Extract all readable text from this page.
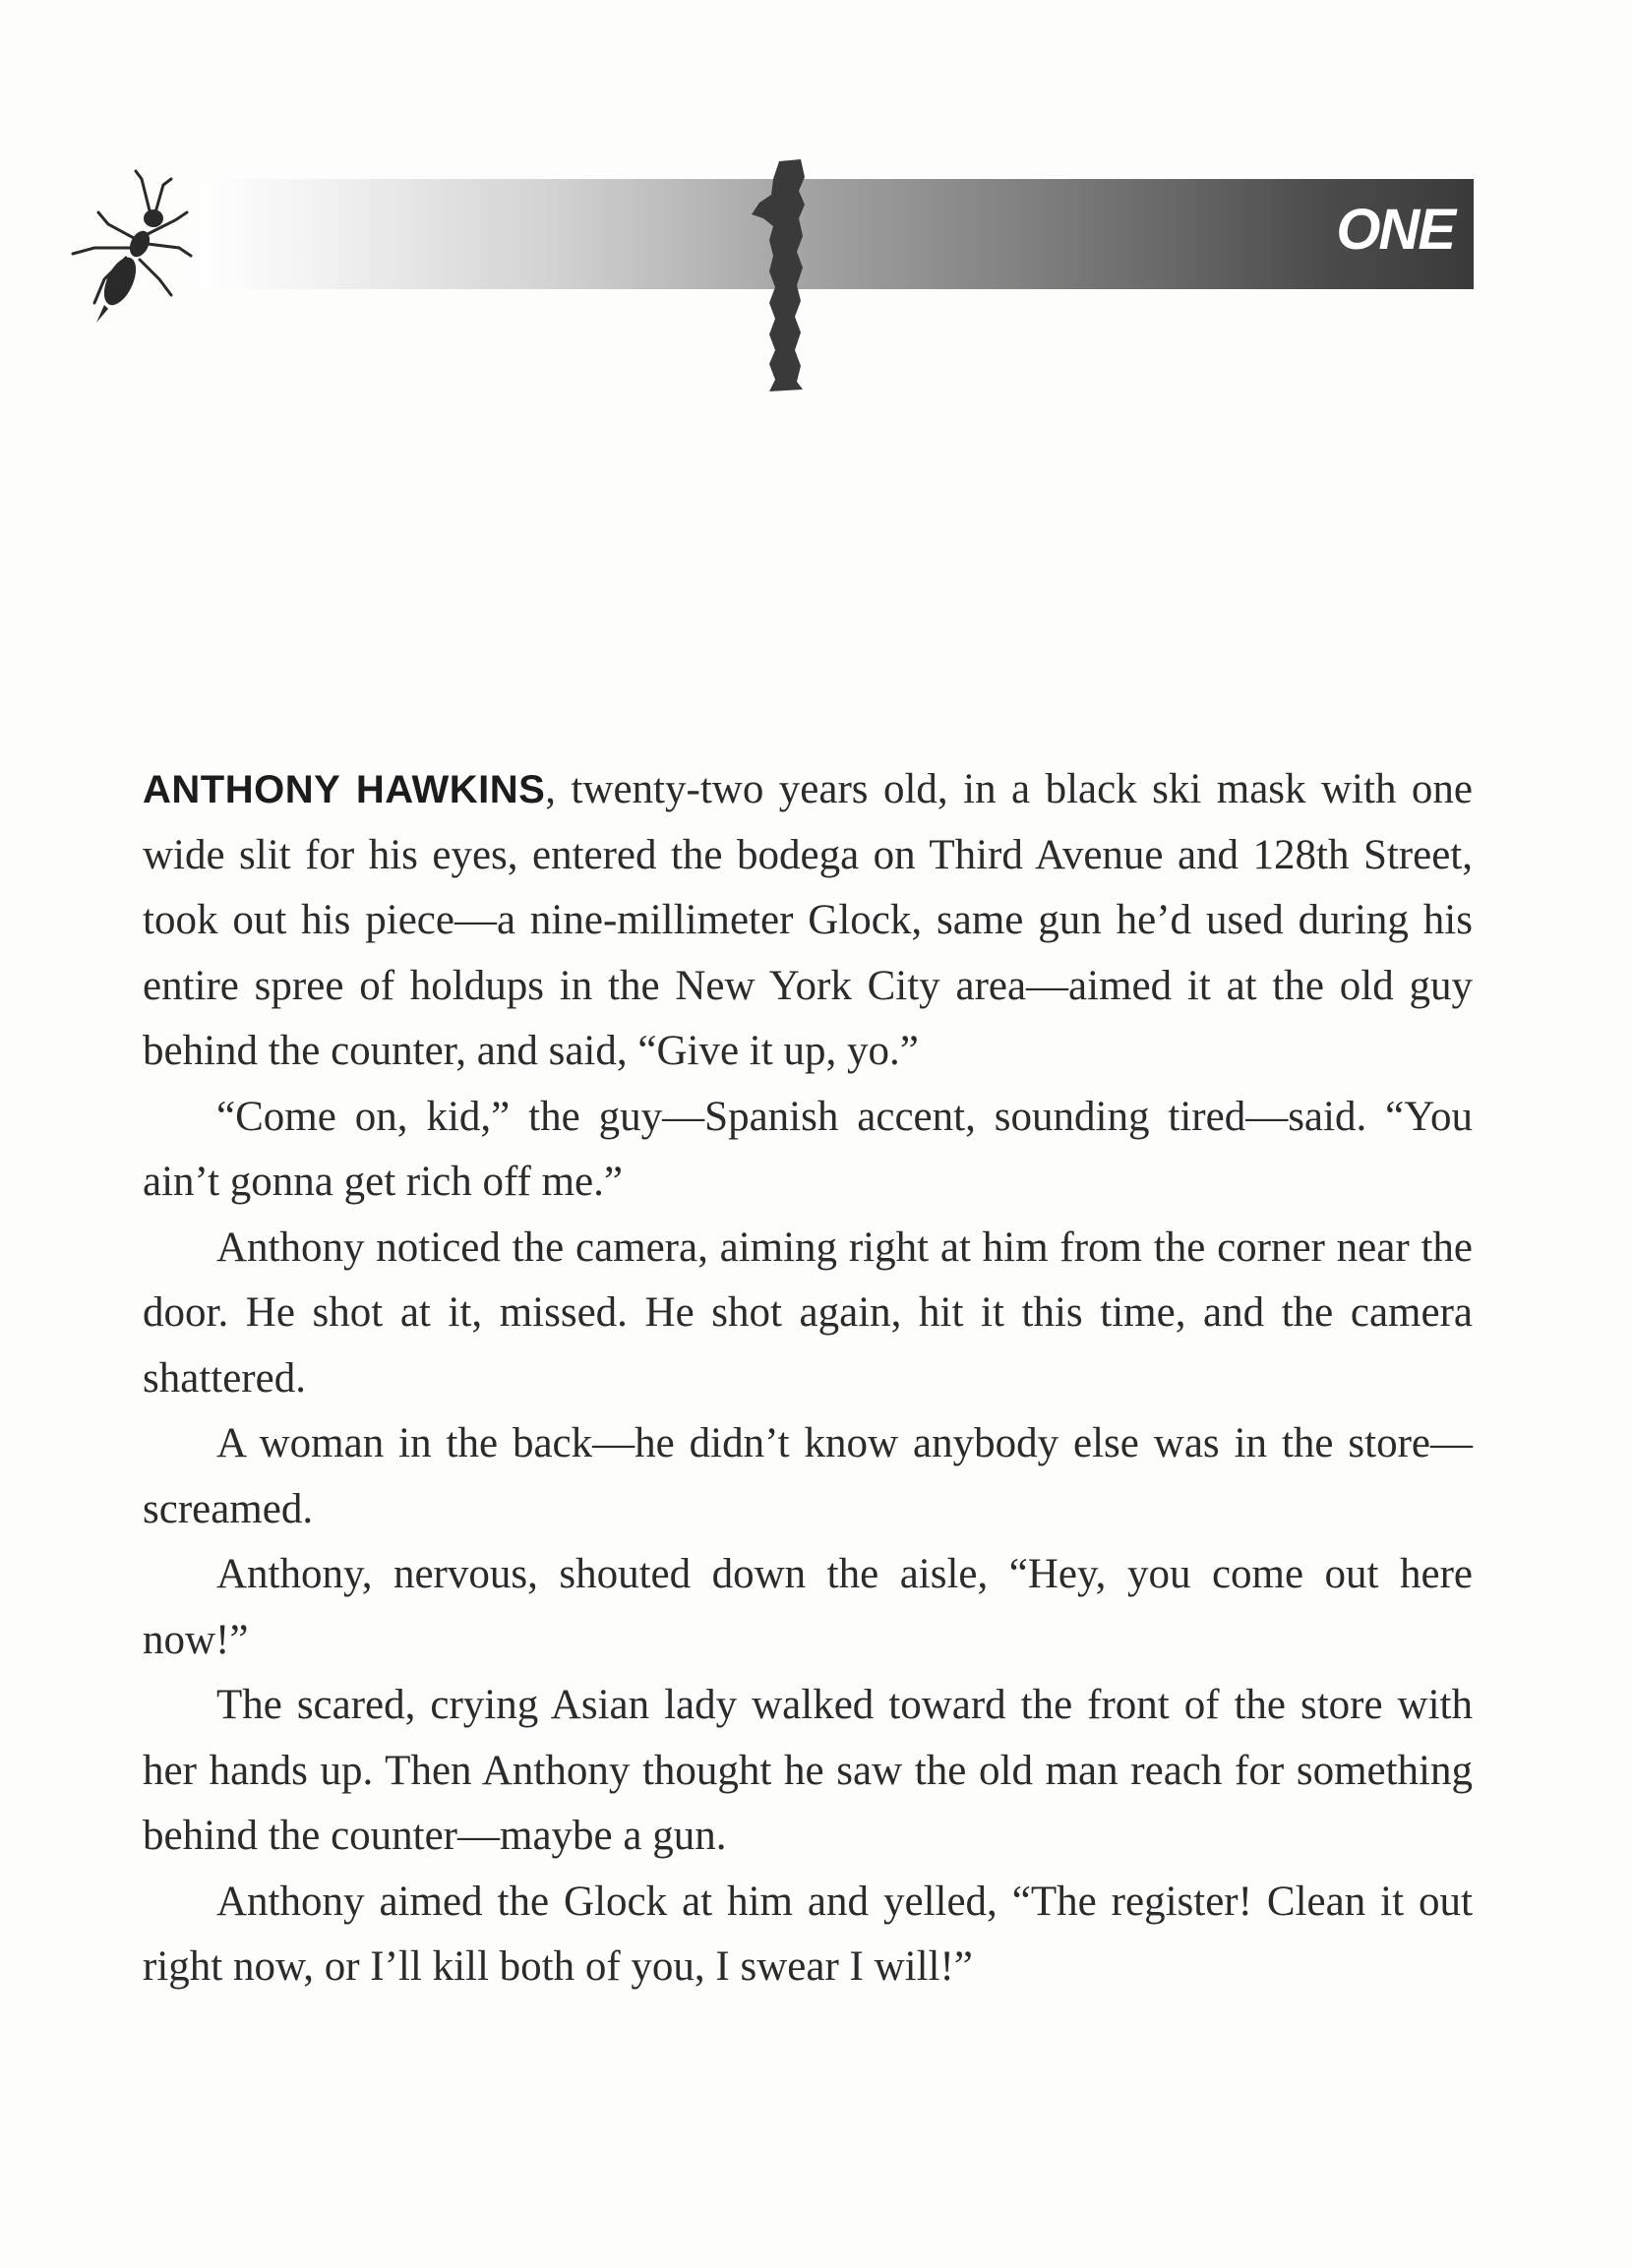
ONE

ANTHONY HAWKINS, twenty-two years old, in a black ski mask with one wide slit for his eyes, entered the bodega on Third Avenue and 128th Street, took out his piece—a nine-millimeter Glock, same gun he’d used during his entire spree of holdups in the New York City area—aimed it at the old guy behind the counter, and said, “Give it up, yo.”

“Come on, kid,” the guy—Spanish accent, sounding tired—said. “You ain’t gonna get rich off me.”

Anthony noticed the camera, aiming right at him from the corner near the door. He shot at it, missed. He shot again, hit it this time, and the camera shattered.

A woman in the back—he didn’t know anybody else was in the store—screamed.

Anthony, nervous, shouted down the aisle, “Hey, you come out here now!”

The scared, crying Asian lady walked toward the front of the store with her hands up. Then Anthony thought he saw the old man reach for something behind the counter—maybe a gun.

Anthony aimed the Glock at him and yelled, “The register! Clean it out right now, or I’ll kill both of you, I swear I will!”
